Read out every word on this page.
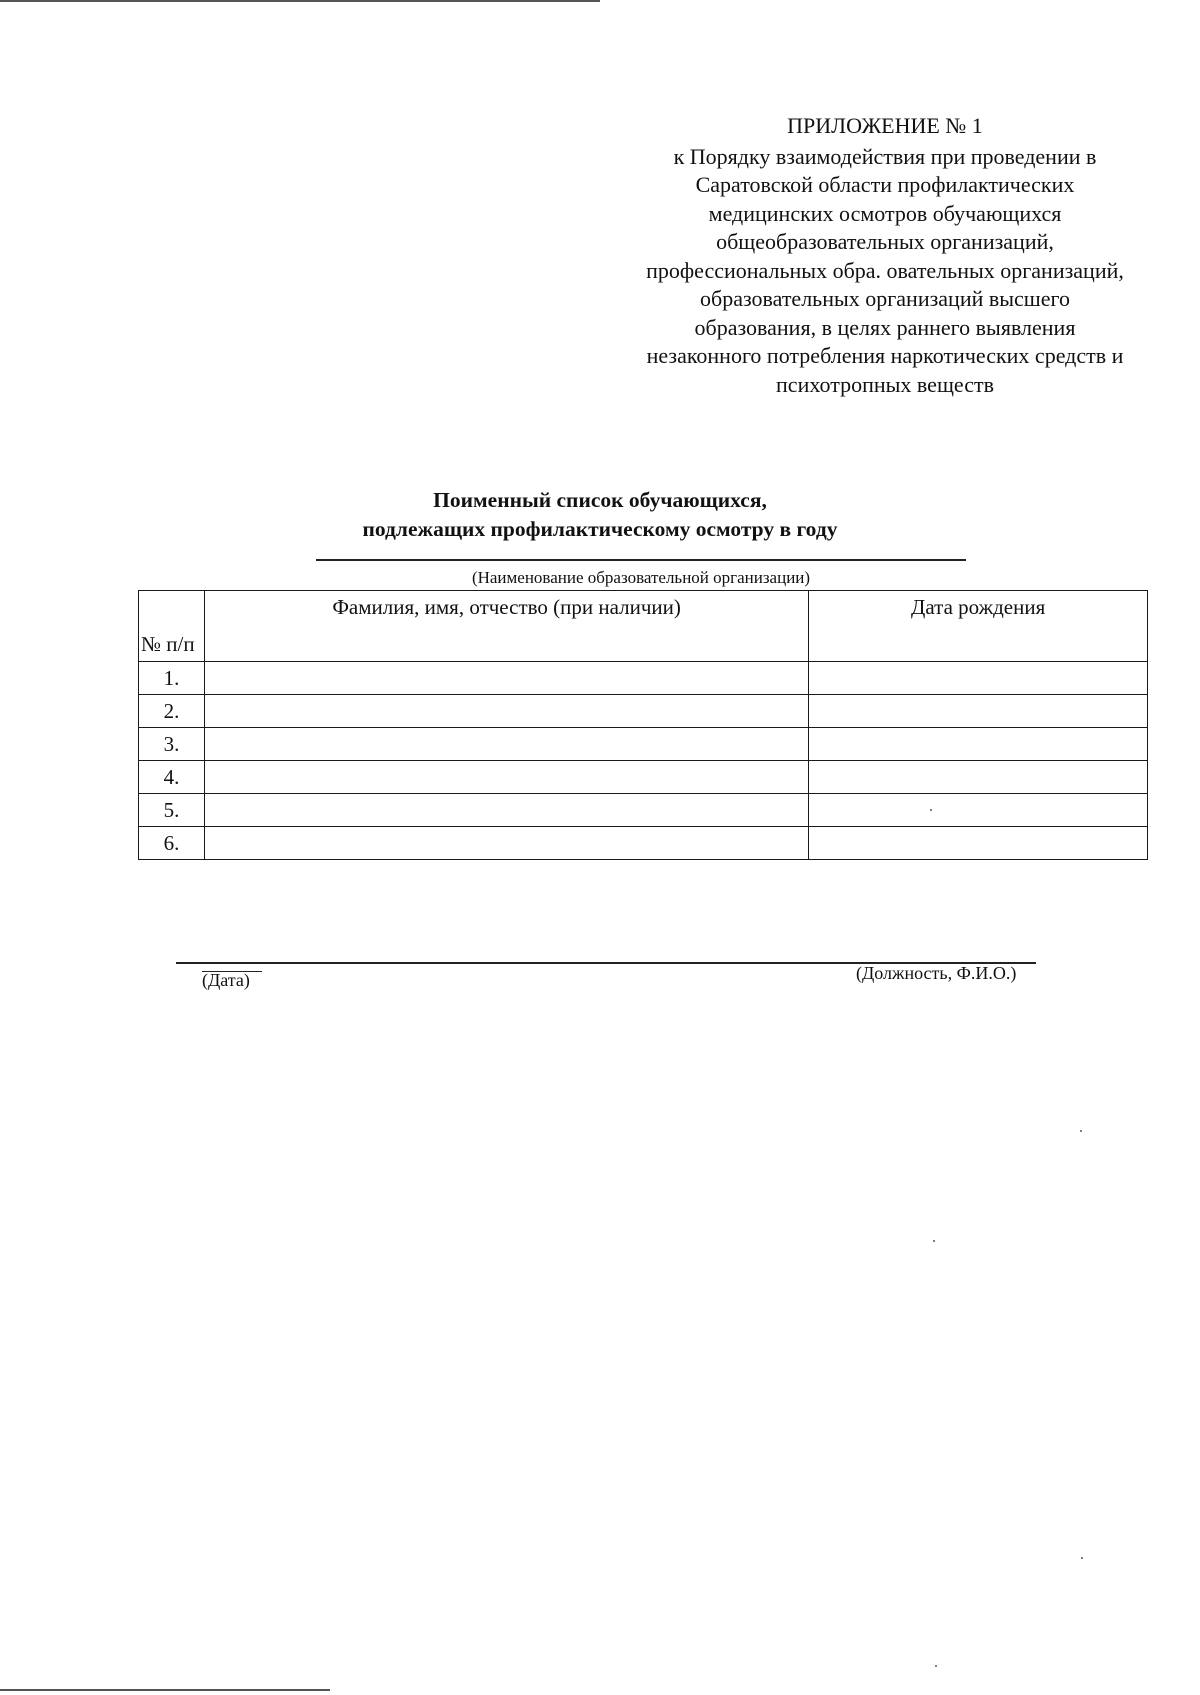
ПРИЛОЖЕНИЕ № 1
к Порядку взаимодействия при проведении в
Саратовской области профилактических
медицинских осмотров обучающихся
общеобразовательных организаций,
профессиональных обра. овательных организаций,
образовательных организаций высшего
образования, в целях раннего выявления
незаконного потребления наркотических средств и
психотропных веществ
Поименный список обучающихся,
подлежащих профилактическому осмотру в году
(Наименование образовательной организации)
№ п/п	Фамилия, имя, отчество (при наличии)	Дата рождения

1.		
2.		
3.		
4.		
5.		
6.		
(Дата)	(Должность, Ф.И.О.)
